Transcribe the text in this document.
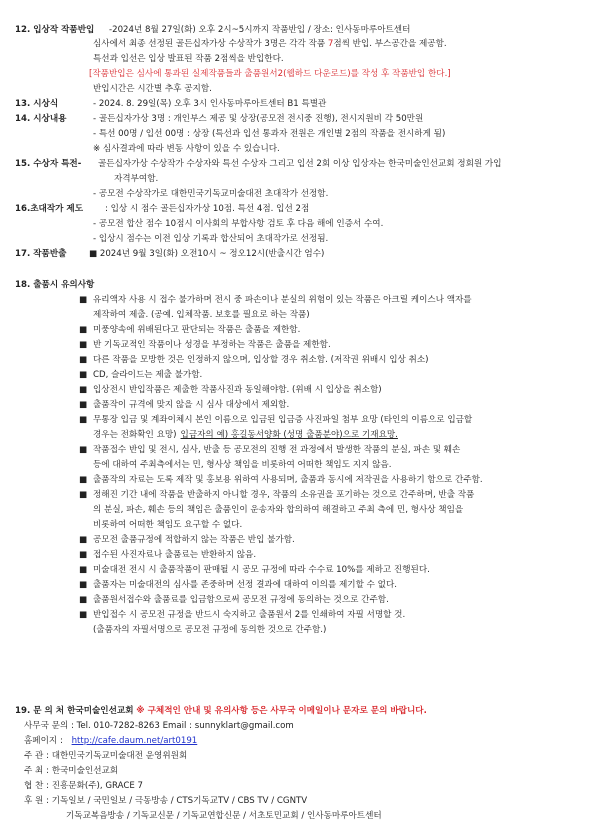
12. 입상작 작품반입 -2024년 8월 27일(화) 오후 2시~5시까지 작품반입 / 장소: 인사동마루아트센터
심사에서 최종 선정된 골든십자가상 수상작가 3명은 각각 작품 7점씩 반입. 부스공간을 제공함.
특선과 입선은 입상 발표된 작품 2점씩을 반입한다.
[작품반입은 심사에 통과된 실제작품들과 출품원서2(웹하드 다운로드)를 작성 후 작품반입 한다.]
반입시간은 시간별 추후 공지함.
13. 시상식	- 2024. 8. 29일(목) 오후 3시 인사동마루아트센터 B1 특별관
14. 시상내용	- 골든십자가상 3명 : 개인부스 제공 및 상장(공모전 전시중 진행), 전시지원비 각 50만원
- 특선 00명 / 입선 00명 : 상장 (특선과 입선 통과자 전원은 개인별 2점의 작품을 전시하게 됨)
※ 심사결과에 따라 변동 사항이 있을 수 있습니다.
15. 수상자 특전- 골든십자가상 수상작가 수상자와 특선 수상자 그리고 입선 2회 이상 입상자는 한국미술인선교회 정회원 가입
자격부여함.
- 공모전 수상작가로 대한민국기독교미술대전 초대작가 선정함.
16.초대작가 제도	: 입상 시 점수 골든십자가상 10점. 특선 4점. 입선 2점
- 공모전 합산 점수 10점시 이사회의 부합사항 검토 후 다음 해에 인증서 수여.
- 입상시 점수는 이전 입상 기록과 합산되어 초대작가로 선정됨.
17. 작품반출	■ 2024년 9월 3일(화) 오전10시 ~ 정오12시(반출시간 엄수)
18. 출품시 유의사항
■ 유리액자 사용 시 접수 불가하며 전시 중 파손이나 분실의 위험이 있는 작품은 아크릴 케이스나 액자를
제작하여 제출. (공예. 입체작품. 보호를 필요로 하는 작품)
■ 미풍양속에 위배된다고 판단되는 작품은 출품을 제한함.
■ 반 기독교적인 작품이나 성경을 부정하는 작품은 출품을 제한함.
■ 다른 작품을 모방한 것은 인정하지 않으며, 입상할 경우 취소함. (저작권 위배시 입상 취소)
■ CD, 슬라이드는 제출 불가함.
■ 입상전시 반입작품은 제출한 작품사진과 동일해야함. (위배 시 입상을 취소함)
■ 출품작이 규격에 맞지 않을 시 심사 대상에서 제외함.
■ 무통장 입금 및 계좌이체시 본인 이름으로 입금된 입금증 사진파일 첨부 요망 (타인의 이름으로 입금할
경우는 전화확인 요망) 입금자의 예) 홍길동서양화 (성명 출품분야)으로 기재요망.
■ 작품접수 반입 및 전시, 심사, 반출 등 공모전의 진행 전 과정에서 발생한 작품의 분실, 파손 및 훼손
등에 대하여 주최측에서는 민, 형사상 책임을 비롯하여 어떠한 책임도 지지 않음.
■ 출품작의 자료는 도록 제작 및 홍보용 위하여 사용되며, 출품과 동시에 저작권을 사용하기 함으로 간주함.
■ 정해진 기간 내에 작품을 반출하지 아니할 경우, 작품의 소유권을 포기하는 것으로 간주하며, 반출 작품
의 분실, 파손, 훼손 등의 책임은 출품인이 운송자와 합의하여 해결하고 주최 측에 민, 형사상 책임을
비롯하여 어떠한 책임도 요구할 수 없다.
■ 공모전 출품규정에 적합하지 않는 작품은 반입 불가함.
■ 접수된 사진자료나 출품료는 반환하지 않음.
■ 미술대전 전시 시 출품작품이 판매될 시 공모 규정에 따라 수수료 10%를 제하고 진행된다.
■ 출품자는 미술대전의 심사를 존중하며 선정 결과에 대하여 이의를 제기할 수 없다.
■ 출품원서접수와 출품료를 입금함으로써 공모전 규정에 동의하는 것으로 간주함.
■ 반입접수 시 공모전 규정을 반드시 숙지하고 출품원서 2를 인쇄하여 자필 서명할 것.
(출품자의 자필서명으로 공모전 규정에 동의한 것으로 간주함.)
19. 문 의 처 한국미술인선교회 ※ 구체적인 안내 및 유의사항 등은 사무국 이메일이나 문자로 문의 바랍니다.
사무국 문의 : Tel. 010-7282-8263 Email : sunnyklart@gmail.com
홈페이지 : http://cafe.daum.net/art0191
주 관 : 대한민국기독교미술대전 운영위원회
주 최 : 한국미술인선교회
협 찬 : 진흥문화(주), GRACE 7
후 원 : 기독일보 / 국민일보 / 극동방송 / CTS기독교TV / CBS TV / CGNTV
기독교복음방송 / 기독교신문 / 기독교연합신문 / 서초토민교회 / 인사동마루아트센터
